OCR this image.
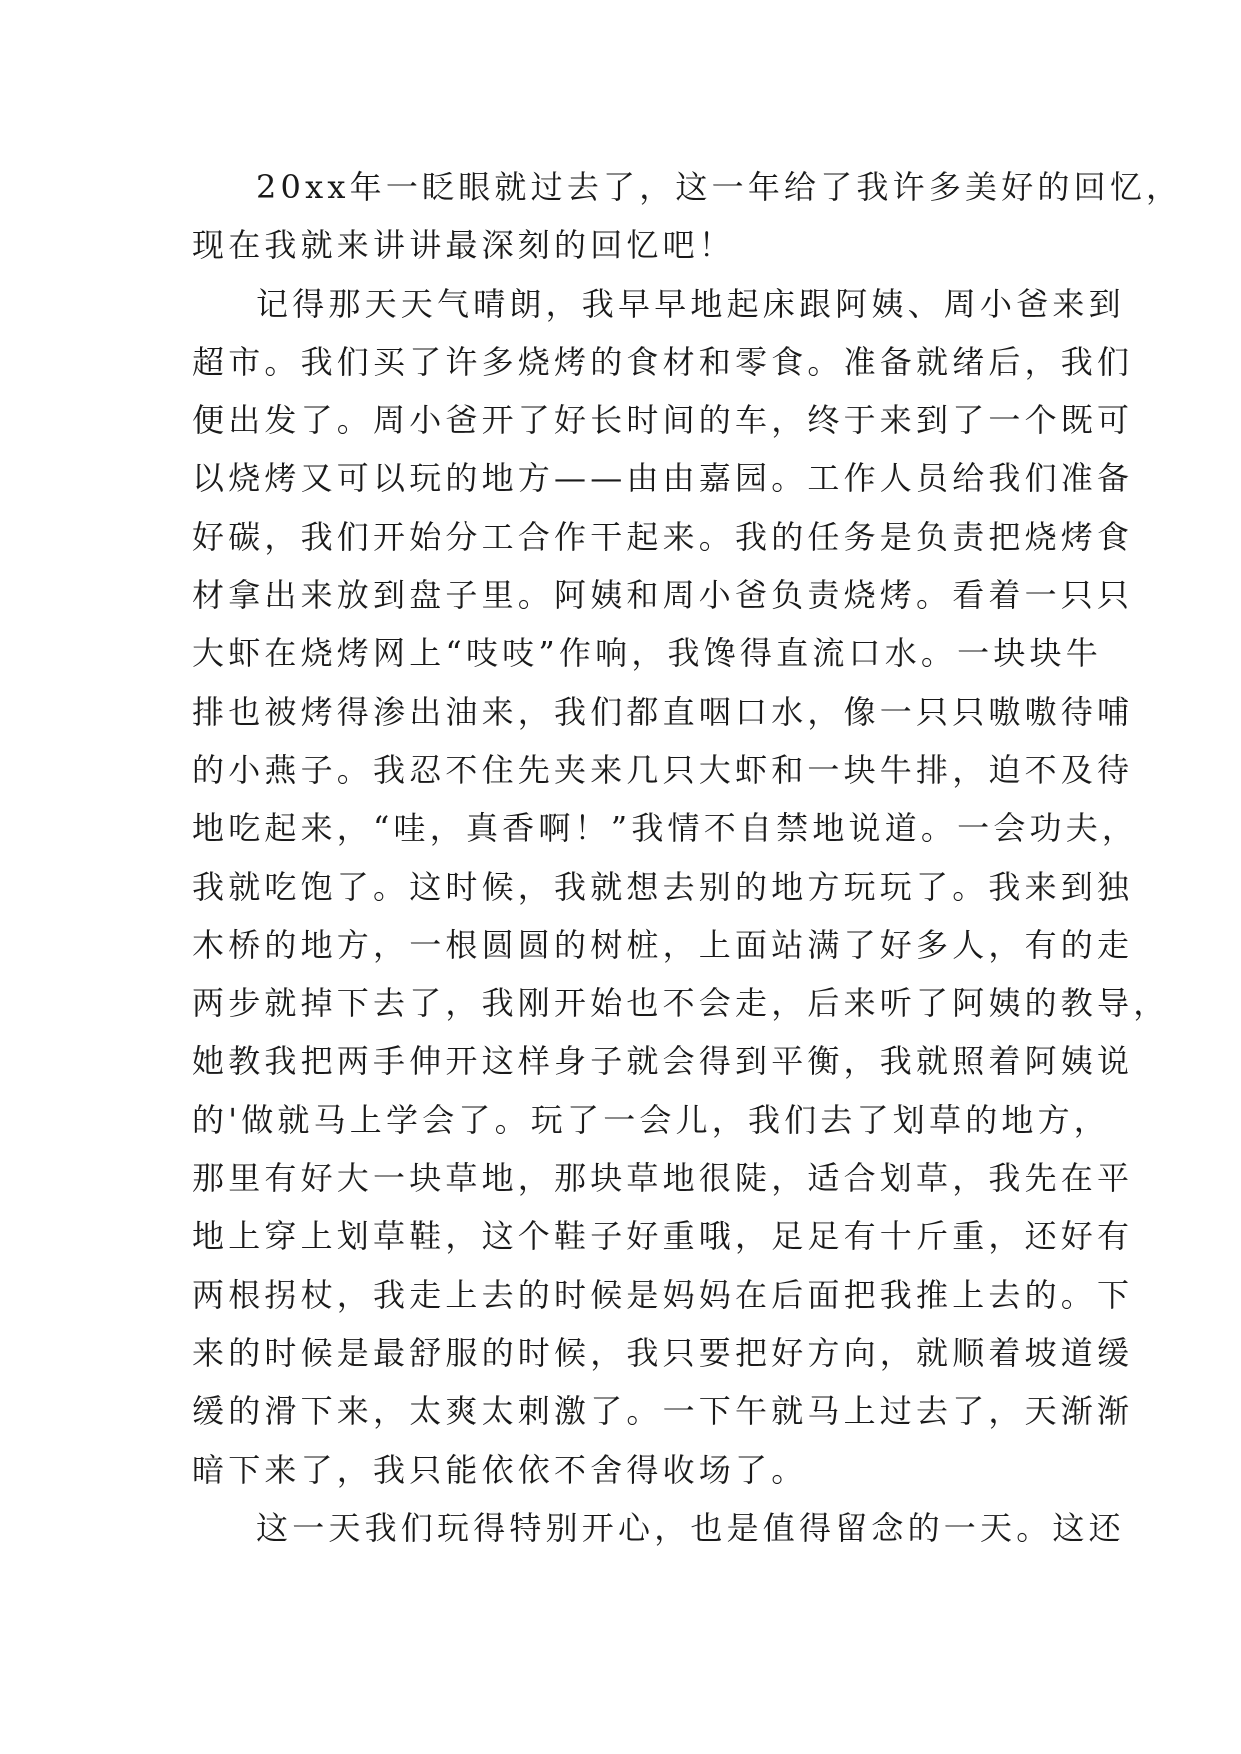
20xx年一眨眼就过去了，这一年给了我许多美好的回忆，
现在我就来讲讲最深刻的回忆吧！
记得那天天气晴朗，我早早地起床跟阿姨、周小爸来到
超市。我们买了许多烧烤的食材和零食。准备就绪后，我们
便出发了。周小爸开了好长时间的车，终于来到了一个既可
以烧烤又可以玩的地方——由由嘉园。工作人员给我们准备
好碳，我们开始分工合作干起来。我的任务是负责把烧烤食
材拿出来放到盘子里。阿姨和周小爸负责烧烤。看着一只只
大虾在烧烤网上“吱吱”作响，我馋得直流口水。一块块牛
排也被烤得渗出油来，我们都直咽口水，像一只只嗷嗷待哺
的小燕子。我忍不住先夹来几只大虾和一块牛排，迫不及待
地吃起来，“哇，真香啊！”我情不自禁地说道。一会功夫，
我就吃饱了。这时候，我就想去别的地方玩玩了。我来到独
木桥的地方，一根圆圆的树桩，上面站满了好多人，有的走
两步就掉下去了，我刚开始也不会走，后来听了阿姨的教导，
她教我把两手伸开这样身子就会得到平衡，我就照着阿姨说
的'做就马上学会了。玩了一会儿，我们去了划草的地方，
那里有好大一块草地，那块草地很陡，适合划草，我先在平
地上穿上划草鞋，这个鞋子好重哦，足足有十斤重，还好有
两根拐杖，我走上去的时候是妈妈在后面把我推上去的。下
来的时候是最舒服的时候，我只要把好方向，就顺着坡道缓
缓的滑下来，太爽太刺激了。一下午就马上过去了，天渐渐
暗下来了，我只能依依不舍得收场了。
这一天我们玩得特别开心，也是值得留念的一天。这还
